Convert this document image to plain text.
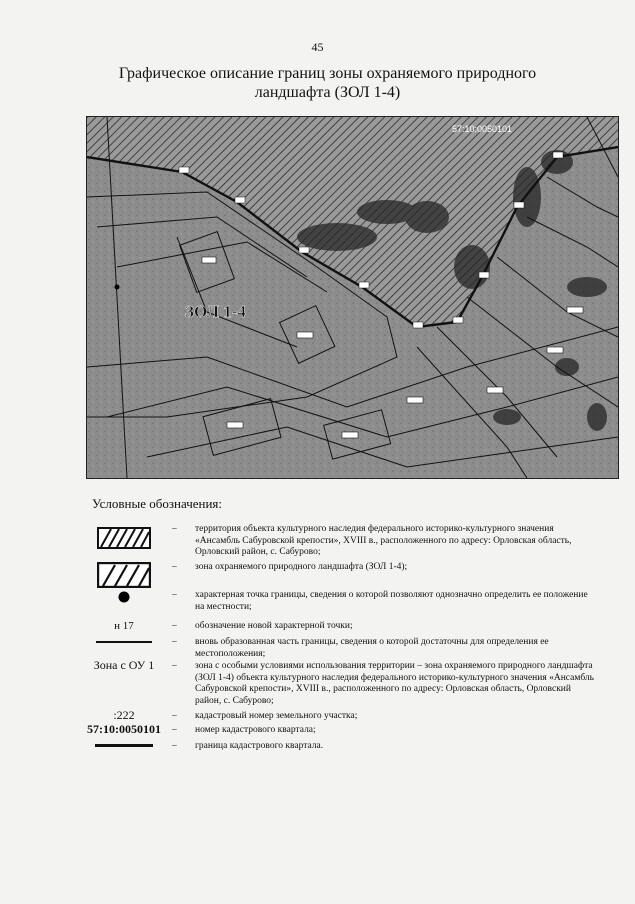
45
Графическое описание границ зоны охраняемого природного
ландшафта (ЗОЛ 1-4)
ЗОЛ 1-4
57:10:0050101
Условные обозначения:
– территория объекта культурного наследия федерального историко-культурного значения «Ансамбль Сабуровской крепости», XVIII в., расположенного по адресу: Орловская область, Орловский район, с. Сабурово;
– зона охраняемого природного ландшафта (ЗОЛ 1-4);
– характерная точка границы, сведения о которой позволяют однозначно определить ее положение на местности;
н 17	– обозначение новой характерной точки;
– вновь образованная часть границы, сведения о которой достаточны для определения ее местоположения;
Зона с ОУ 1	– зона с особыми условиями использования территории – зона охраняемого природного ландшафта (ЗОЛ 1-4) объекта культурного наследия федерального историко-культурного значения «Ансамбль Сабуровской крепости», XVIII в., расположенного по адресу: Орловская область, Орловский район, с. Сабурово;
:222	– кадастровый номер земельного участка;
57:10:0050101 – номер кадастрового квартала;
– граница кадастрового квартала.
